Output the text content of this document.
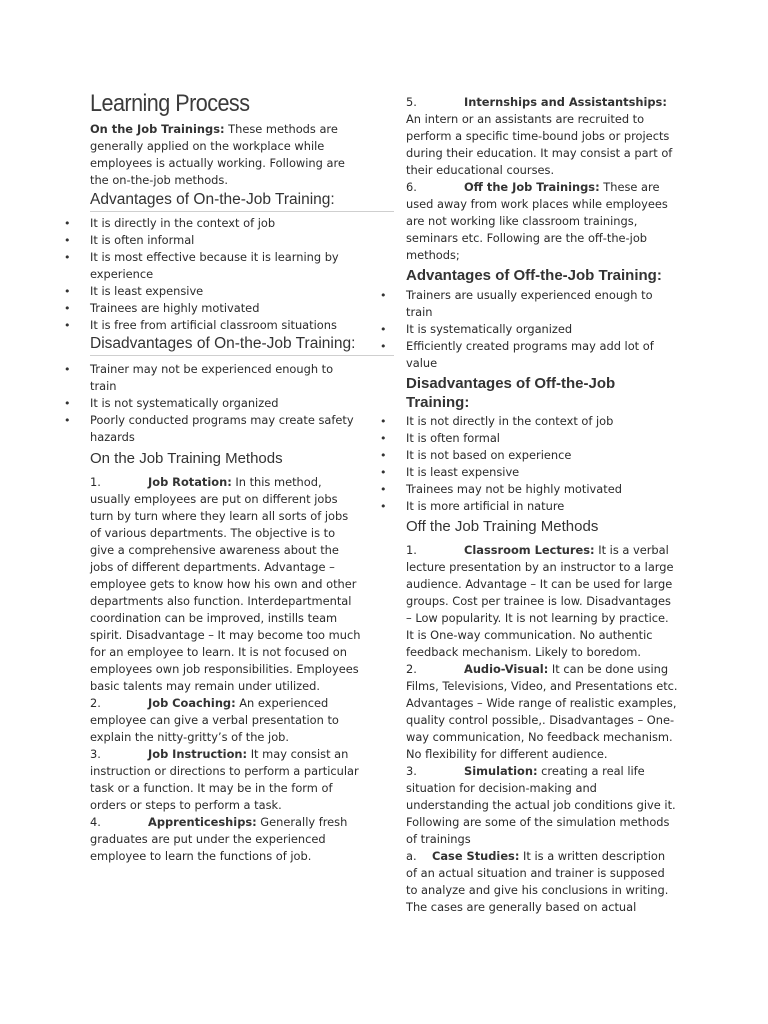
Learning Process

On the Job Trainings: These methods are generally applied on the workplace while employees is actually working. Following are the on-the-job methods.

Advantages of On-the-Job Training:
• It is directly in the context of job
• It is often informal
• It is most effective because it is learning by experience
• It is least expensive
• Trainees are highly motivated
• It is free from artificial classroom situations
Disadvantages of On-the-Job Training:
• Trainer may not be experienced enough to train
• It is not systematically organized
• Poorly conducted programs may create safety hazards
On the Job Training Methods

1.	Job Rotation: In this method, usually employees are put on different jobs turn by turn where they learn all sorts of jobs of various departments. The objective is to give a comprehensive awareness about the jobs of different departments. Advantage – employee gets to know how his own and other departments also function. Interdepartmental coordination can be improved, instills team spirit. Disadvantage – It may become too much for an employee to learn. It is not focused on employees own job responsibilities. Employees basic talents may remain under utilized.

2.	Job Coaching: An experienced employee can give a verbal presentation to explain the nitty-gritty’s of the job.

3.	Job Instruction: It may consist an instruction or directions to perform a particular task or a function. It may be in the form of orders or steps to perform a task.

4.	Apprenticeships: Generally fresh graduates are put under the experienced employee to learn the functions of job.

5.	Internships and Assistantships: An intern or an assistants are recruited to perform a specific time-bound jobs or projects during their education. It may consist a part of their educational courses.

6.	Off the Job Trainings: These are used away from work places while employees are not working like classroom trainings, seminars etc. Following are the off-the-job methods;

Advantages of Off-the-Job Training:
• Trainers are usually experienced enough to train
• It is systematically organized
• Efficiently created programs may add lot of value
Disadvantages of Off-the-Job Training:
• It is not directly in the context of job
• It is often formal
• It is not based on experience
• It is least expensive
• Trainees may not be highly motivated
• It is more artificial in nature
Off the Job Training Methods

1.	Classroom Lectures: It is a verbal lecture presentation by an instructor to a large audience. Advantage – It can be used for large groups. Cost per trainee is low. Disadvantages – Low popularity. It is not learning by practice. It is One-way communication. No authentic feedback mechanism. Likely to boredom.

2.	Audio-Visual: It can be done using Films, Televisions, Video, and Presentations etc. Advantages – Wide range of realistic examples, quality control possible,. Disadvantages – One-way communication, No feedback mechanism. No flexibility for different audience.

3.	Simulation: creating a real life situation for decision-making and understanding the actual job conditions give it. Following are some of the simulation methods of trainings

a. Case Studies: It is a written description of an actual situation and trainer is supposed to analyze and give his conclusions in writing. The cases are generally based on actual
